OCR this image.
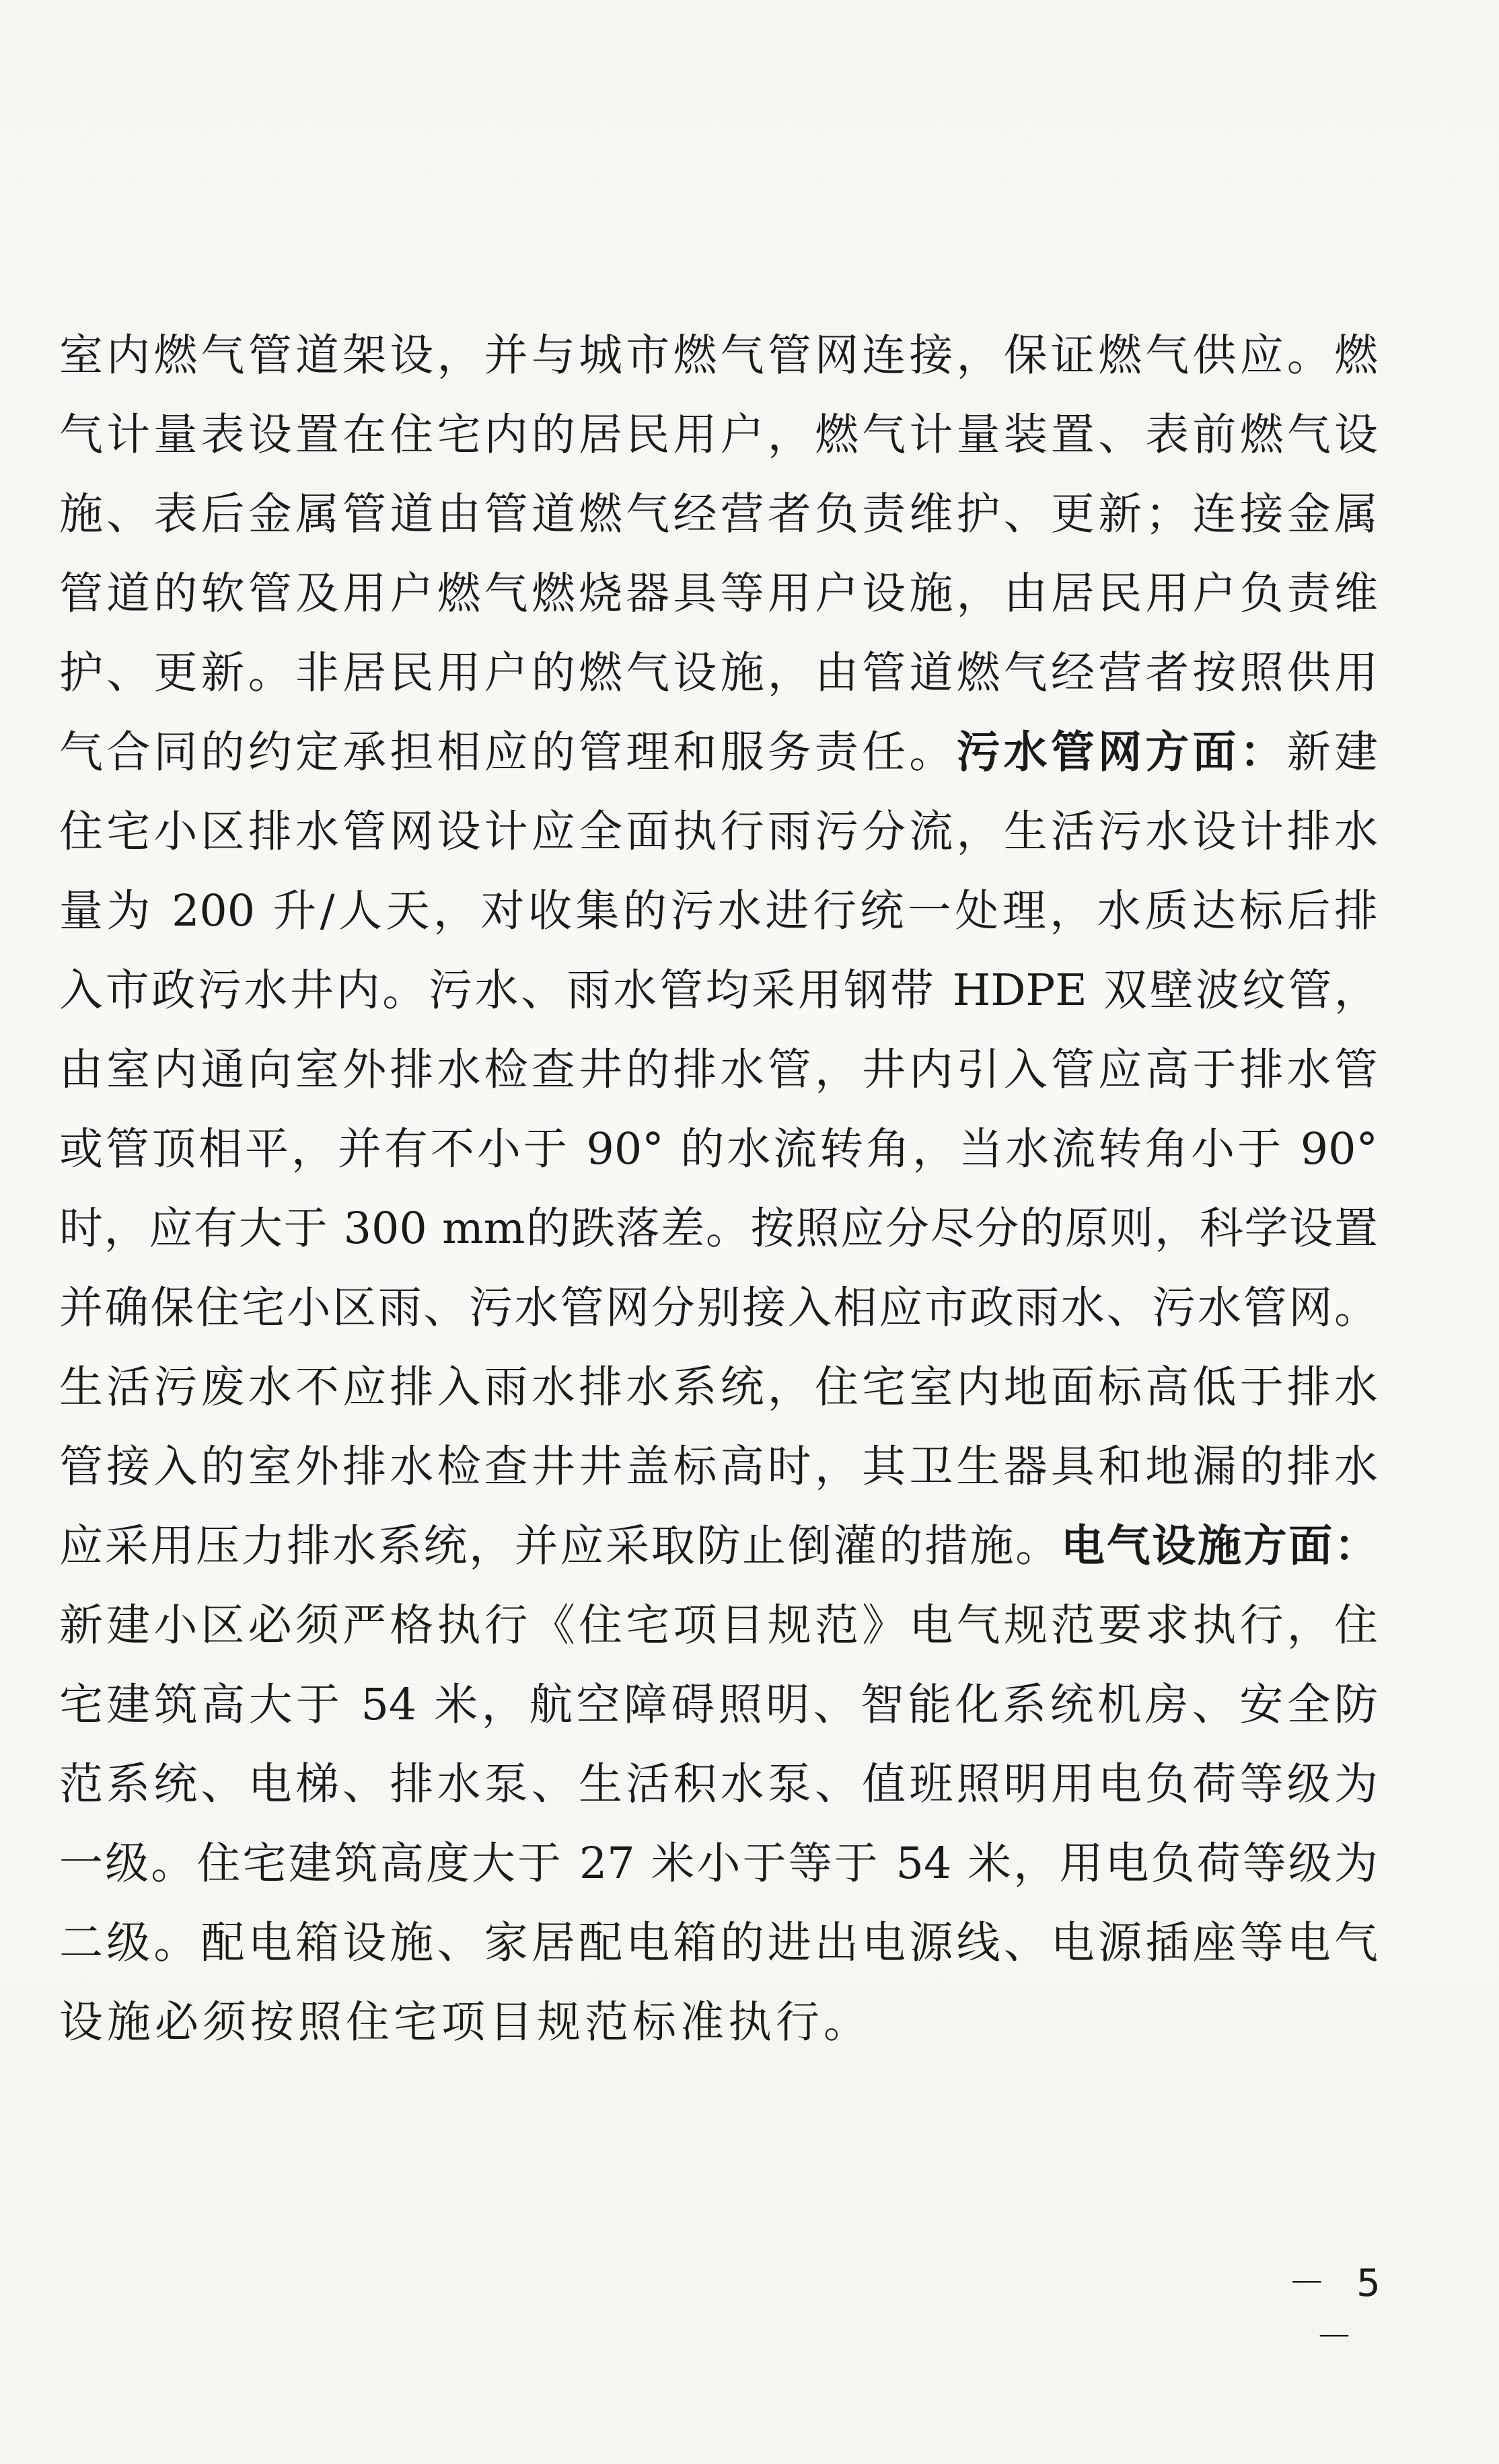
室内燃气管道架设，并与城市燃气管网连接，保证燃气供应。燃
气计量表设置在住宅内的居民用户，燃气计量装置、表前燃气设
施、表后金属管道由管道燃气经营者负责维护、更新；连接金属
管道的软管及用户燃气燃烧器具等用户设施，由居民用户负责维
护、更新。非居民用户的燃气设施，由管道燃气经营者按照供用
气合同的约定承担相应的管理和服务责任。污水管网方面：新建
住宅小区排水管网设计应全面执行雨污分流，生活污水设计排水
量为 200 升/人天，对收集的污水进行统一处理，水质达标后排
入市政污水井内。污水、雨水管均采用钢带 HDPE 双壁波纹管，
由室内通向室外排水检查井的排水管，井内引入管应高于排水管
或管顶相平，并有不小于 90° 的水流转角，当水流转角小于 90°
时，应有大于 300 mm的跌落差。按照应分尽分的原则，科学设置
并确保住宅小区雨、污水管网分别接入相应市政雨水、污水管网。
生活污废水不应排入雨水排水系统，住宅室内地面标高低于排水
管接入的室外排水检查井井盖标高时，其卫生器具和地漏的排水
应采用压力排水系统，并应采取防止倒灌的措施。电气设施方面：
新建小区必须严格执行《住宅项目规范》电气规范要求执行，住
宅建筑高大于 54 米，航空障碍照明、智能化系统机房、安全防
范系统、电梯、排水泵、生活积水泵、值班照明用电负荷等级为
一级。住宅建筑高度大于 27 米小于等于 54 米，用电负荷等级为
二级。配电箱设施、家居配电箱的进出电源线、电源插座等电气
设施必须按照住宅项目规范标准执行。
－ 5 －
